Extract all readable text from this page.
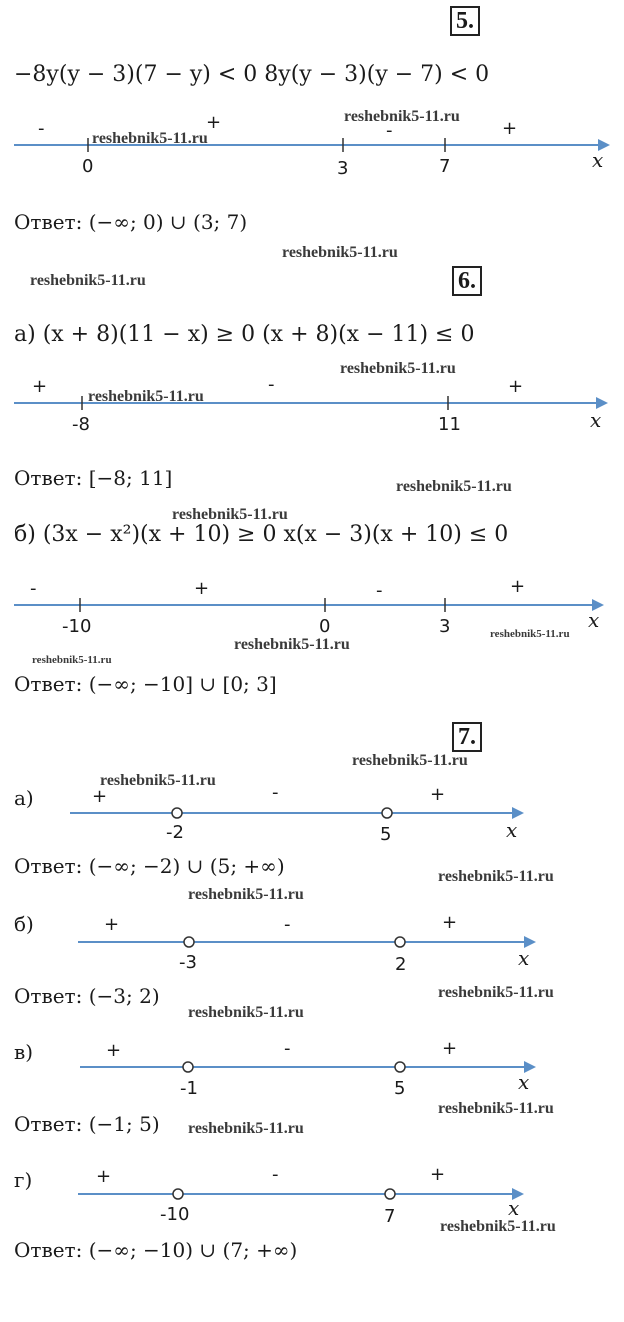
5.
−8y(y − 3)(7 − y) < 0 8y(y − 3)(y − 7) < 0
-	+	-	+
0	3	7	x
Ответ: (−∞; 0) ∪ (3; 7)
6.
а) (x + 8)(11 − x) ≥ 0 (x + 8)(x − 11) ≤ 0
+	-	+
-8	11	x
Ответ: [−8; 11]
б) (3x − x²)(x + 10) ≥ 0 x(x − 3)(x + 10) ≤ 0
-	+	-	+
-10	0	3	x
Ответ: (−∞; −10] ∪ [0; 3]
7.
а)	+	-	+
-2	5	x
Ответ: (−∞; −2) ∪ (5; +∞)
б)	+	-	+
-3	2	x
Ответ: (−3; 2)
в)	+	-	+
-1	5	x
Ответ: (−1; 5)
г)	+	-	+
-10	7	x
Ответ: (−∞; −10) ∪ (7; +∞)
reshebnik5-11.ru
reshebnik5-11.ru
reshebnik5-11.ru
reshebnik5-11.ru
reshebnik5-11.ru
reshebnik5-11.ru
reshebnik5-11.ru
reshebnik5-11.ru
reshebnik5-11.ru
reshebnik5-11.ru
reshebnik5-11.ru
reshebnik5-11.ru
reshebnik5-11.ru
reshebnik5-11.ru
reshebnik5-11.ru
reshebnik5-11.ru
reshebnik5-11.ru
reshebnik5-11.ru
reshebnik5-11.ru
reshebnik5-11.ru
